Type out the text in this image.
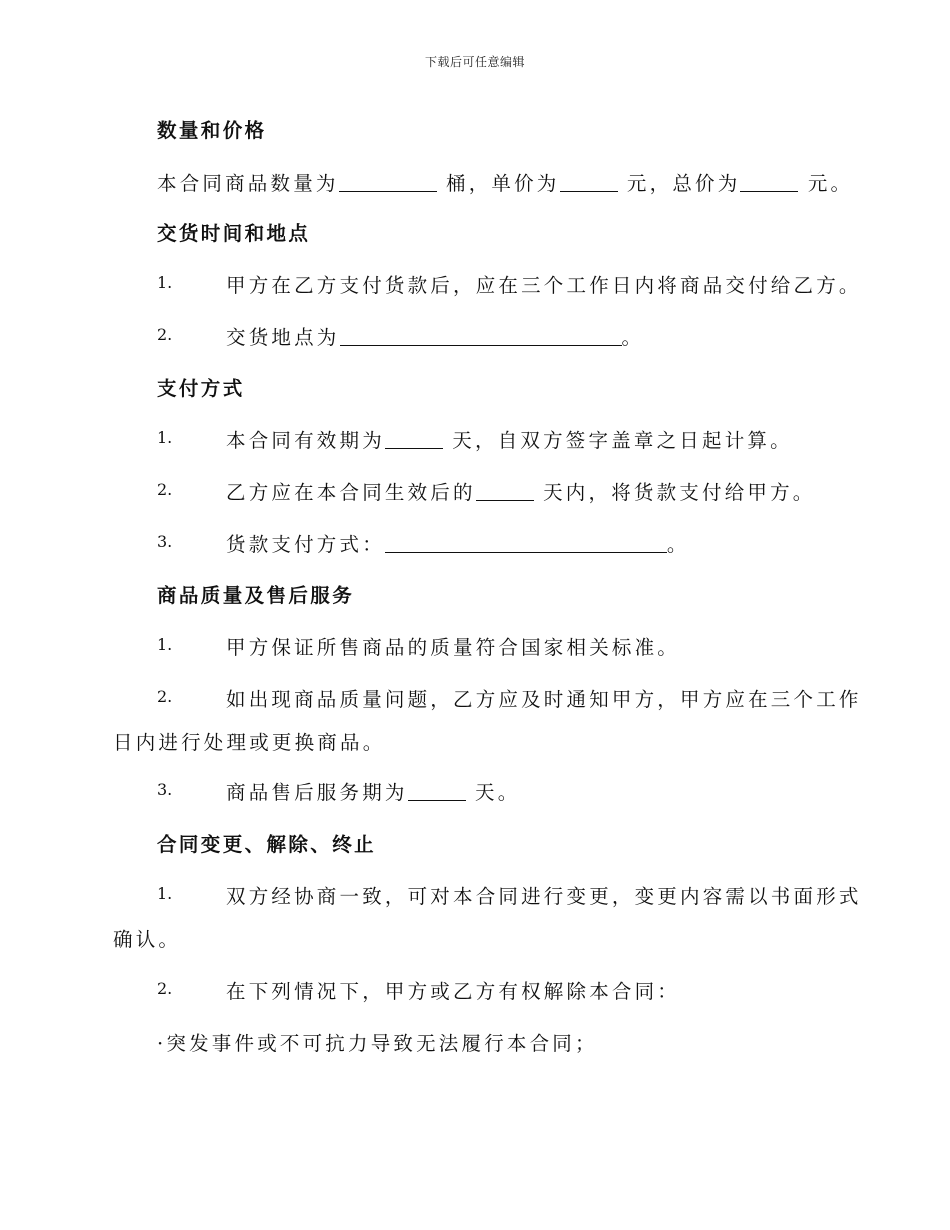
下载后可任意编辑
数量和价格
本合同商品数量为	桶，单价为	元，总价为	元。
交货时间和地点
1.	甲方在乙方支付货款后，应在三个工作日内将商品交付给乙方。
2.	交货地点为	。
支付方式
1.	本合同有效期为	天，自双方签字盖章之日起计算。
2.	乙方应在本合同生效后的	天内，将货款支付给甲方。
3.	货款支付方式：	。
商品质量及售后服务
1.	甲方保证所售商品的质量符合国家相关标准。
2.	如出现商品质量问题，乙方应及时通知甲方，甲方应在三个工作
日内进行处理或更换商品。
3.	商品售后服务期为	天。
合同变更、解除、终止
1.	双方经协商一致，可对本合同进行变更，变更内容需以书面形式
确认。
2.	在下列情况下，甲方或乙方有权解除本合同：
·突发事件或不可抗力导致无法履行本合同；
